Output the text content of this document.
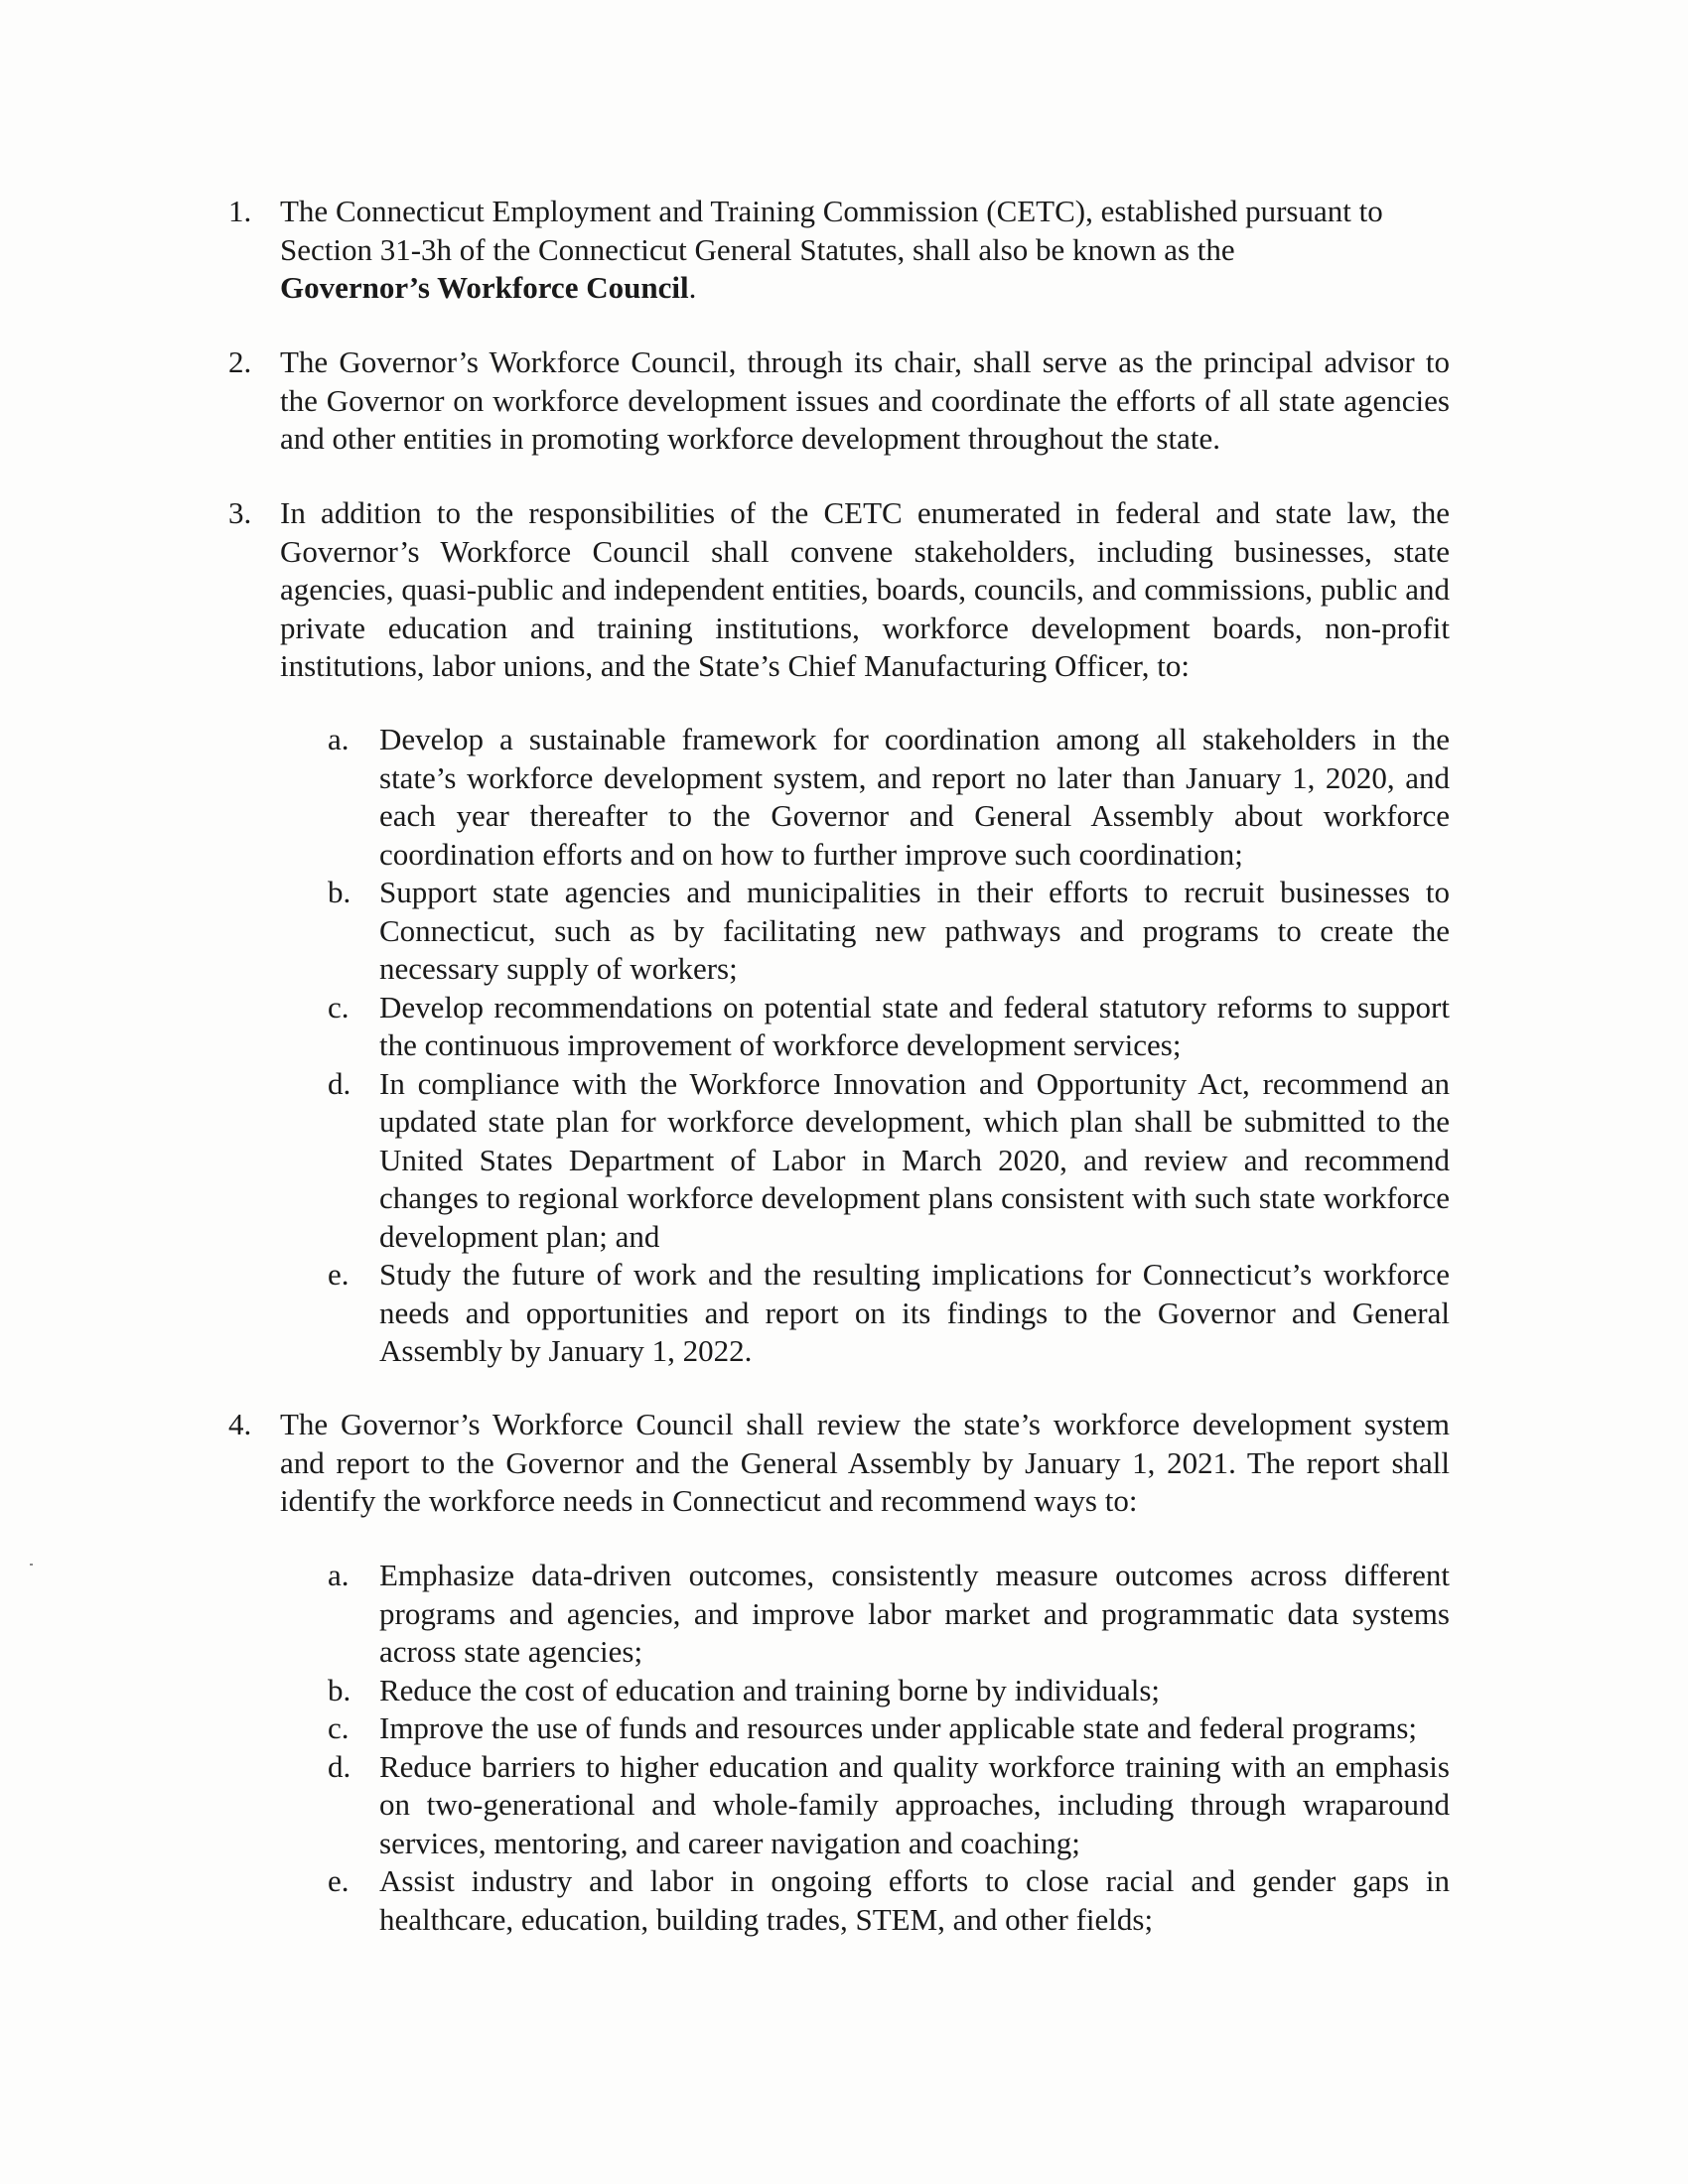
1. The Connecticut Employment and Training Commission (CETC), established pursuant to Section 31-3h of the Connecticut General Statutes, shall also be known as the
Governor’s Workforce Council.
2. The Governor’s Workforce Council, through its chair, shall serve as the principal advisor to the Governor on workforce development issues and coordinate the efforts of all state agencies and other entities in promoting workforce development throughout the state.
3. In addition to the responsibilities of the CETC enumerated in federal and state law, the Governor’s Workforce Council shall convene stakeholders, including businesses, state agencies, quasi-public and independent entities, boards, councils, and commissions, public and private education and training institutions, workforce development boards, non-profit institutions, labor unions, and the State’s Chief Manufacturing Officer, to:
a. Develop a sustainable framework for coordination among all stakeholders in the state’s workforce development system, and report no later than January 1, 2020, and each year thereafter to the Governor and General Assembly about workforce coordination efforts and on how to further improve such coordination;
b. Support state agencies and municipalities in their efforts to recruit businesses to Connecticut, such as by facilitating new pathways and programs to create the necessary supply of workers;
c. Develop recommendations on potential state and federal statutory reforms to support the continuous improvement of workforce development services;
d. In compliance with the Workforce Innovation and Opportunity Act, recommend an updated state plan for workforce development, which plan shall be submitted to the United States Department of Labor in March 2020, and review and recommend changes to regional workforce development plans consistent with such state workforce development plan; and
e. Study the future of work and the resulting implications for Connecticut’s workforce needs and opportunities and report on its findings to the Governor and General Assembly by January 1, 2022.
4. The Governor’s Workforce Council shall review the state’s workforce development system and report to the Governor and the General Assembly by January 1, 2021. The report shall identify the workforce needs in Connecticut and recommend ways to:
a. Emphasize data-driven outcomes, consistently measure outcomes across different programs and agencies, and improve labor market and programmatic data systems across state agencies;
b. Reduce the cost of education and training borne by individuals;
c. Improve the use of funds and resources under applicable state and federal programs;
d. Reduce barriers to higher education and quality workforce training with an emphasis on two-generational and whole-family approaches, including through wraparound services, mentoring, and career navigation and coaching;
e. Assist industry and labor in ongoing efforts to close racial and gender gaps in healthcare, education, building trades, STEM, and other fields;
